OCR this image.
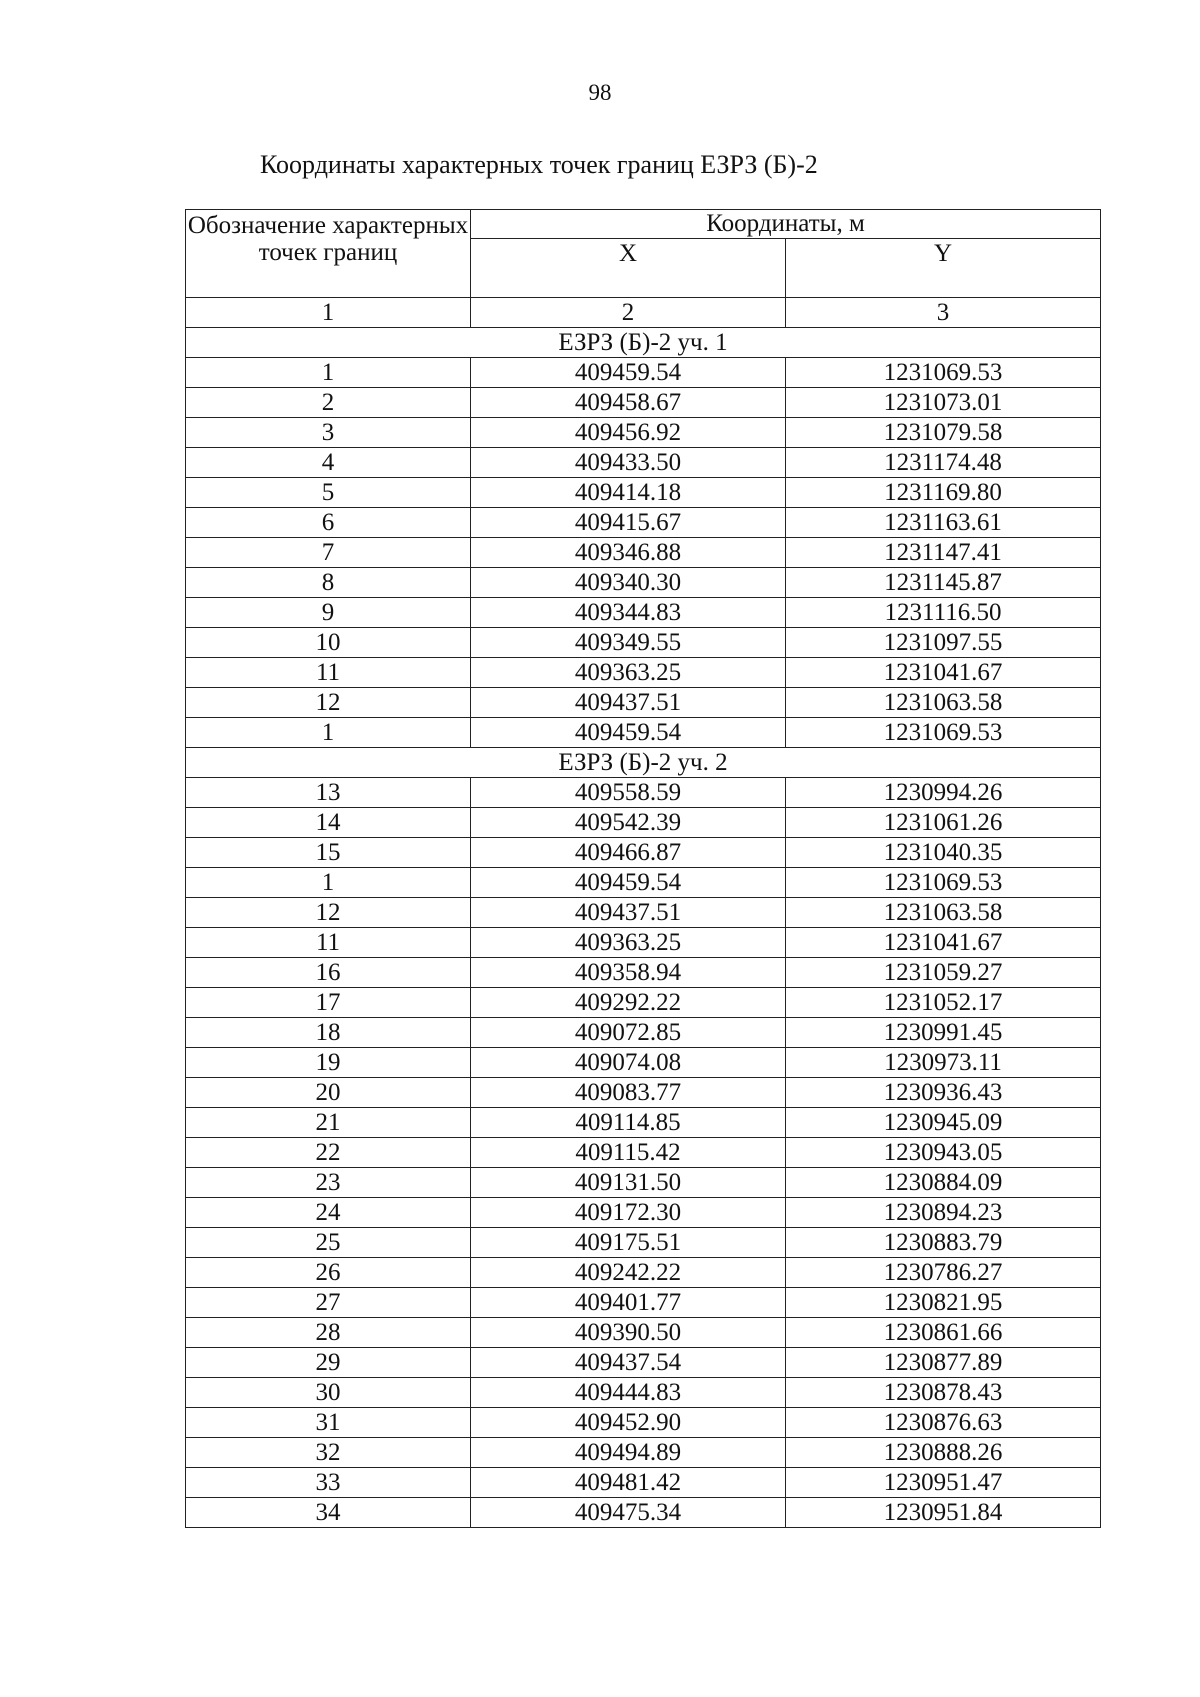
98
Координаты характерных точек границ ЕЗРЗ (Б)-2
Обозначение характерных точек границ	Координаты, м	
	X	Y
1	2	3
ЕЗРЗ (Б)-2 уч. 1		
1	409459.54	1231069.53
2	409458.67	1231073.01
3	409456.92	1231079.58
4	409433.50	1231174.48
5	409414.18	1231169.80
6	409415.67	1231163.61
7	409346.88	1231147.41
8	409340.30	1231145.87
9	409344.83	1231116.50
10	409349.55	1231097.55
11	409363.25	1231041.67
12	409437.51	1231063.58
1	409459.54	1231069.53
ЕЗРЗ (Б)-2 уч. 2		
13	409558.59	1230994.26
14	409542.39	1231061.26
15	409466.87	1231040.35
1	409459.54	1231069.53
12	409437.51	1231063.58
11	409363.25	1231041.67
16	409358.94	1231059.27
17	409292.22	1231052.17
18	409072.85	1230991.45
19	409074.08	1230973.11
20	409083.77	1230936.43
21	409114.85	1230945.09
22	409115.42	1230943.05
23	409131.50	1230884.09
24	409172.30	1230894.23
25	409175.51	1230883.79
26	409242.22	1230786.27
27	409401.77	1230821.95
28	409390.50	1230861.66
29	409437.54	1230877.89
30	409444.83	1230878.43
31	409452.90	1230876.63
32	409494.89	1230888.26
33	409481.42	1230951.47
34	409475.34	1230951.84
